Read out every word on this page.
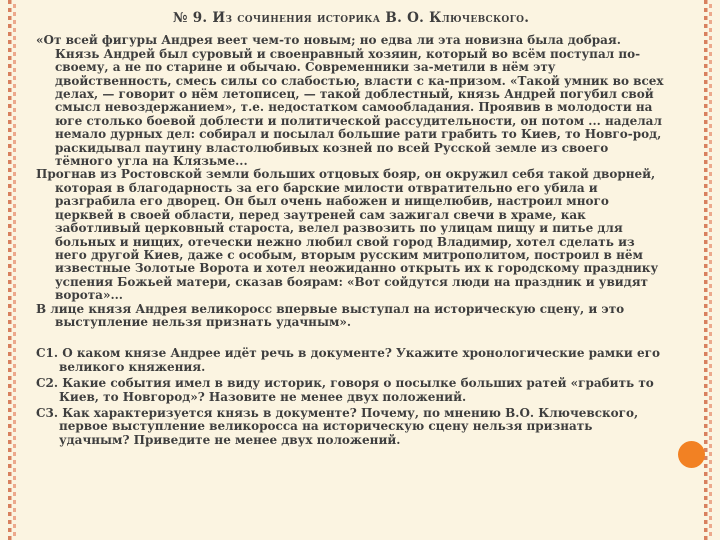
№ 9. Из сочинения историка В. О. Ключевского.

«От всей фигуры Андрея веет чем-то новым; но едва ли эта новизна была добрая. Князь Андрей был суровый и своенравный хозяин, который во всём поступал по-своему, а не по старине и обычаю. Современники за-метили в нём эту двойственность, смесь силы со слабостью, власти с ка-призом. «Такой умник во всех делах, — говорит о нём летописец, — такой доблестный, князь Андрей погубил свой смысл невоздержанием», т.е. недостатком самообладания. Проявив в молодости на юге столько боевой доблести и политической рассудительности, он потом ... наделал немало дурных дел: собирал и посылал большие рати грабить то Киев, то Новго-род, раскидывал паутину властолюбивых козней по всей Русской земле из своего тёмного угла на Клязьме...

Прогнав из Ростовской земли больших отцовых бояр, он окружил себя такой дворней, которая в благодарность за его барские милости отвратительно его убила и разграбила его дворец. Он был очень набожен и нищелюбив, настроил много церквей в своей области, перед заутреней сам зажигал свечи в храме, как заботливый церковный староста, велел развозить по улицам пищу и питье для больных и нищих, отечески нежно любил свой город Владимир, хотел сделать из него другой Киев, даже с особым, вторым русским митрополитом, построил в нём известные Золотые Ворота и хотел неожиданно открыть их к городскому празднику успения Божьей матери, сказав боярам: «Вот сойдутся люди на праздник и увидят ворота»...

В лице князя Андрея великоросс впервые выступал на историческую сцену, и это выступление нельзя признать удачным».

С1. О каком князе Андрее идёт речь в документе? Укажите хронологические рамки его великого княжения.

С2. Какие события имел в виду историк, говоря о посылке больших ратей «грабить то Киев, то Новгород»? Назовите не менее двух положений.

С3. Как характеризуется князь в документе? Почему, по мнению В.О. Ключевского, первое выступление великоросса на историческую сцену нельзя признать удачным? Приведите не менее двух положений.
